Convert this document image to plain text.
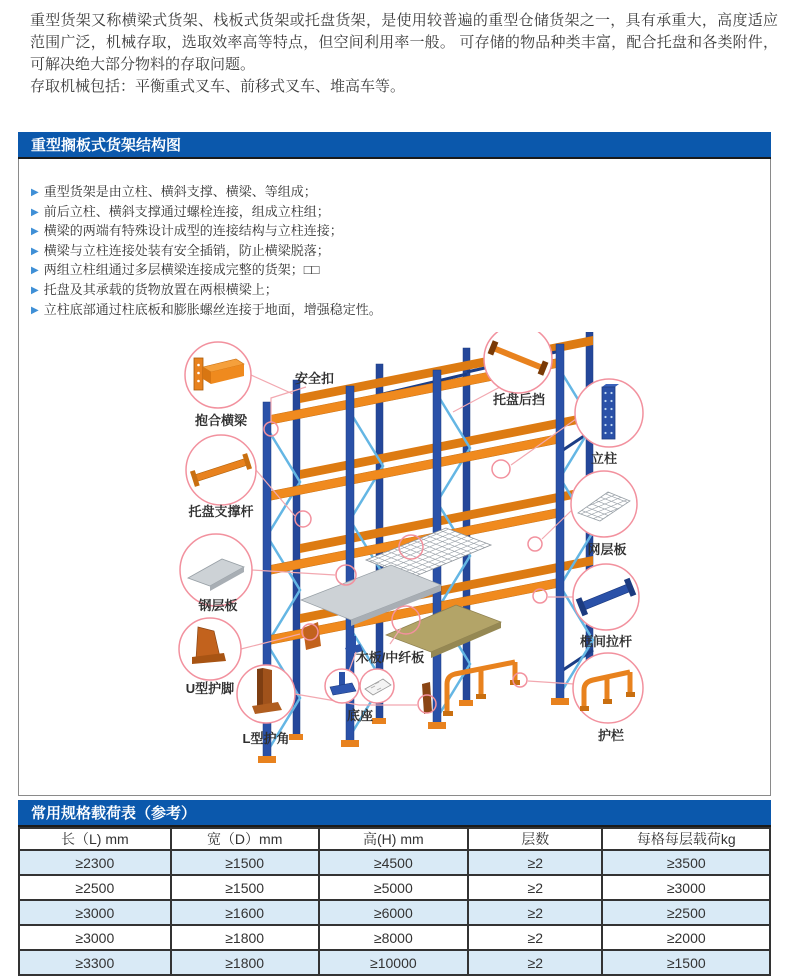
重型货架又称横梁式货架、栈板式货架或托盘货架，是使用较普遍的重型仓储货架之一，具有承重大，高度适应范围广泛，机械存取，选取效率高等特点，但空间利用率一般。 可存储的物品种类丰富，配合托盘和各类附件，可解决绝大部分物料的存取问题。

存取机械包括：平衡重式叉车、前移式叉车、堆高车等。

重型搁板式货架结构图
▶ 重型货架是由立柱、横斜支撑、横梁、等组成；
▶ 前后立柱、横斜支撑通过螺栓连接，组成立柱组；
▶ 横梁的两端有特殊设计成型的连接结构与立柱连接；
▶ 横梁与立柱连接处装有安全插销，防止横梁脱落；
▶ 两组立柱组通过多层横梁连接成完整的货架；□□
▶ 托盘及其承载的货物放置在两根横梁上；
▶ 立柱底部通过柱底板和膨胀螺丝连接于地面，增强稳定性。
抱合横梁
安全扣
托盘支撑杆
钢层板
U型护脚
L型护角
底座
木板/中纤板
托盘后挡
立柱
网层板
框间拉杆
护栏
常用规格载荷表（参考）
长（L) mm	宽（D）mm	高(H) mm	层数	每格每层载荷kg
≥2300	≥1500	≥4500	≥2	≥3500
≥2500	≥1500	≥5000	≥2	≥3000
≥3000	≥1600	≥6000	≥2	≥2500
≥3000	≥1800	≥8000	≥2	≥2000
≥3300	≥1800	≥10000	≥2	≥1500
